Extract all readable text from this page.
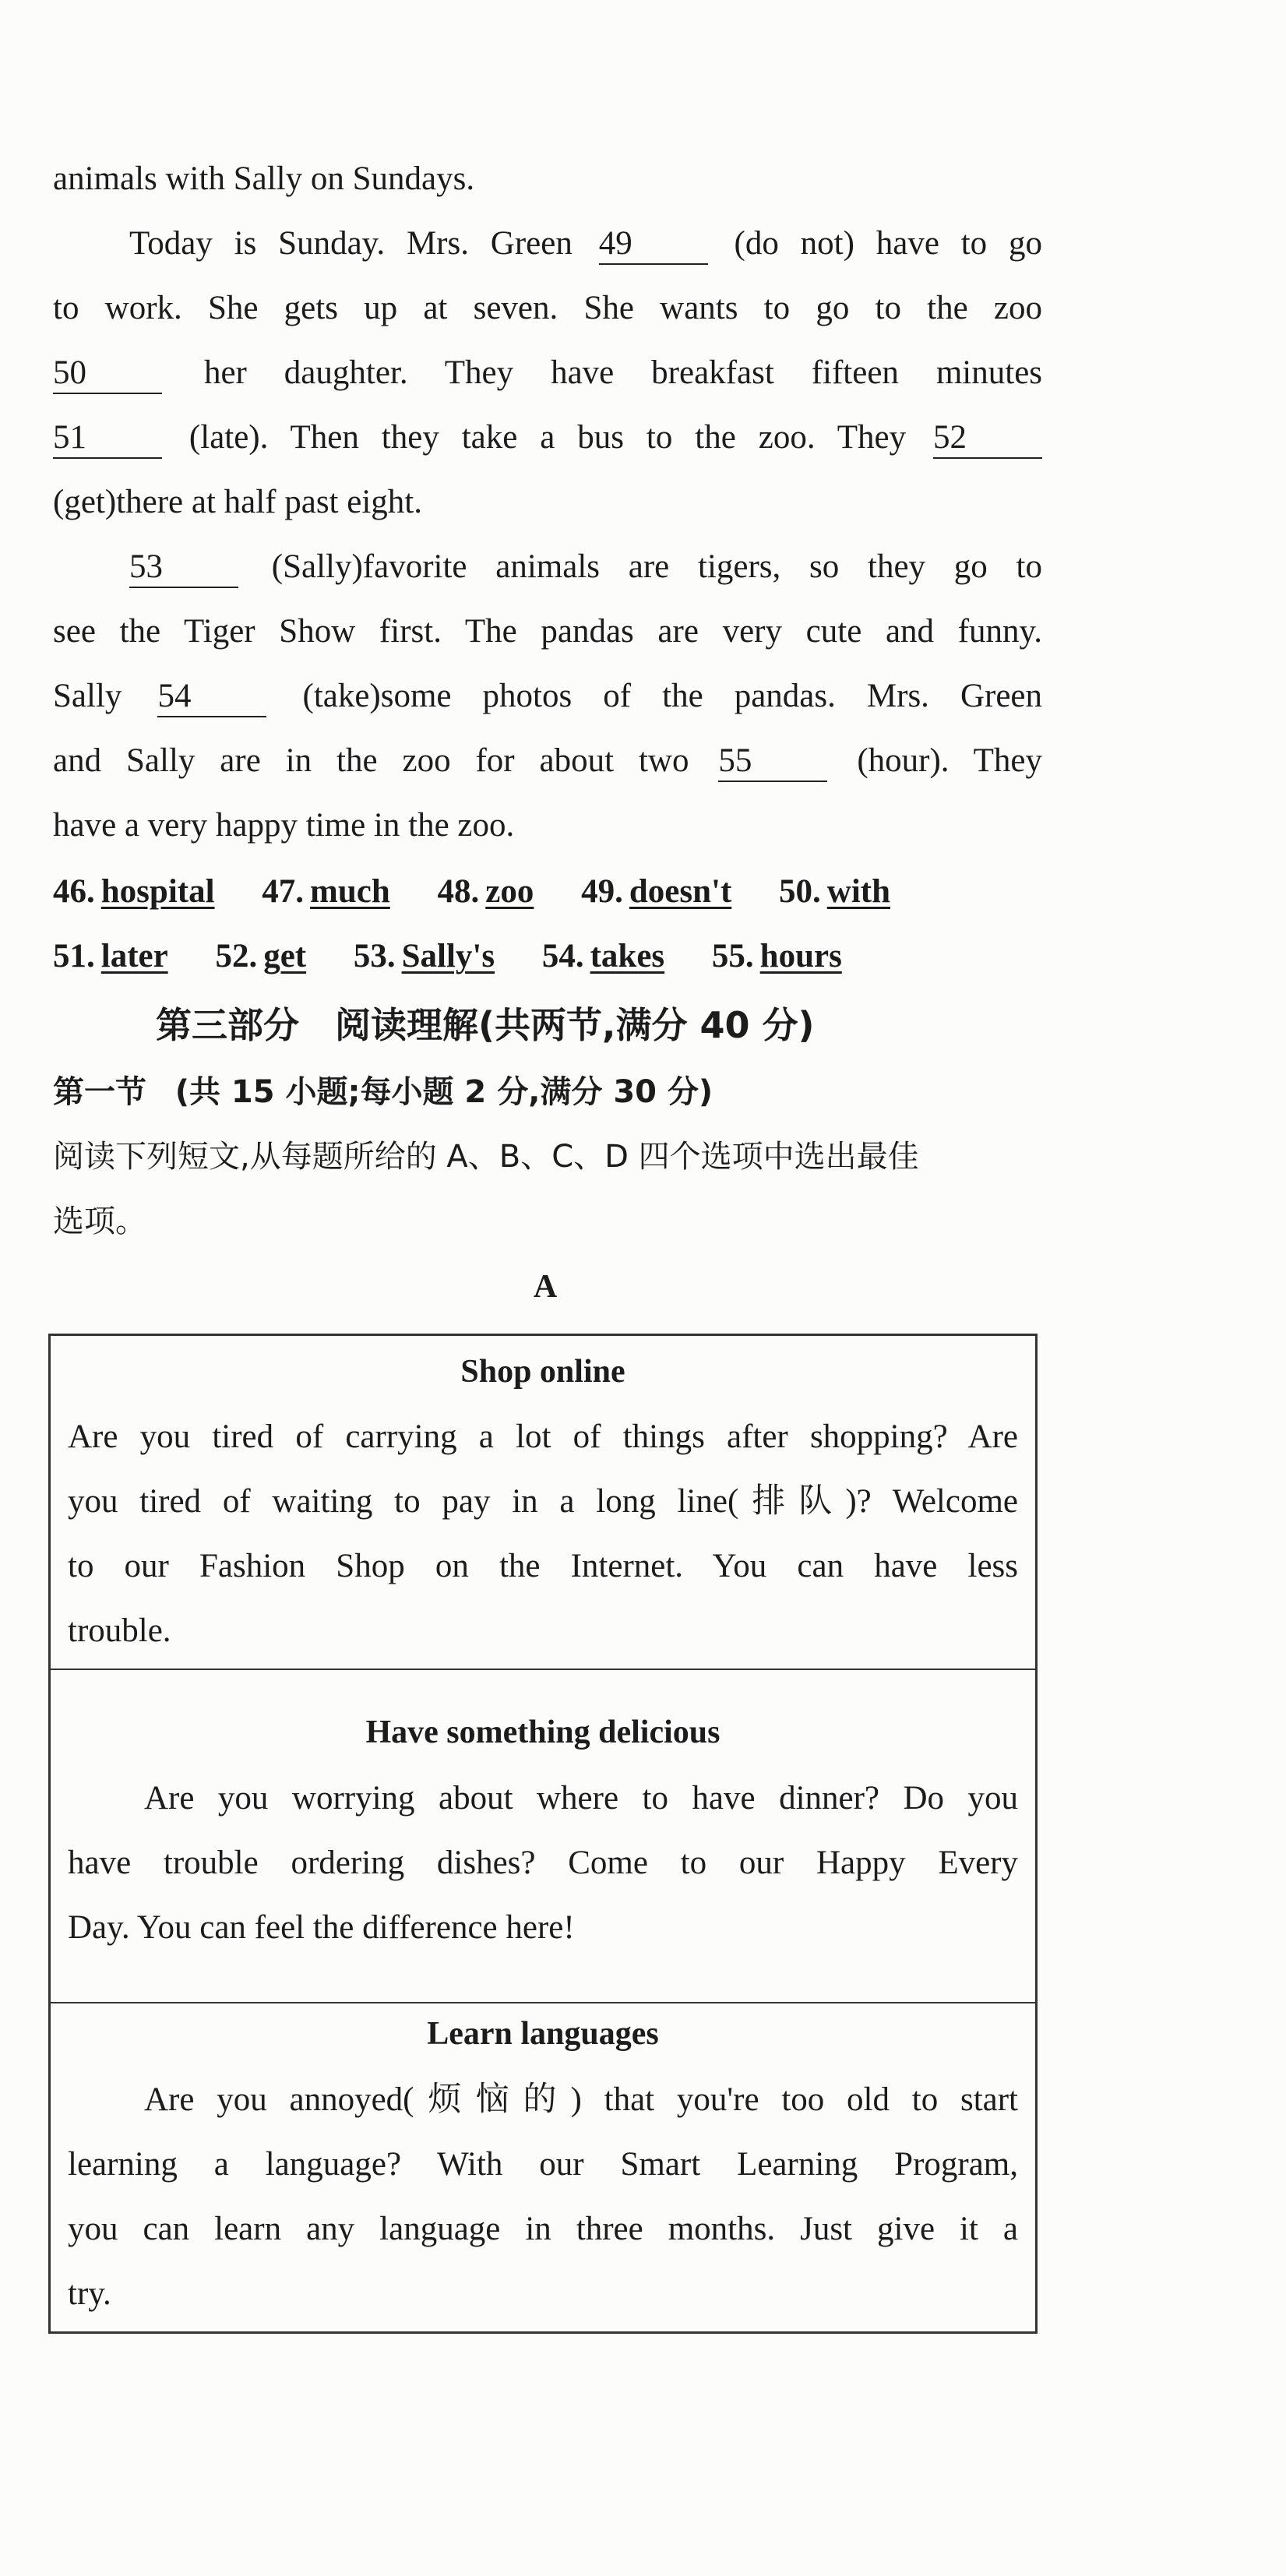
animals with Sally on Sundays.
Today is Sunday. Mrs. Green 49	(do not) have to go
to work. She gets up at seven. She wants to go to the zoo
50	her daughter. They have breakfast fifteen minutes
51	(late). Then they take a bus to the zoo. They 52
(get)there at half past eight.
53	(Sally)favorite animals are tigers, so they go to
see the Tiger Show first. The pandas are very cute and funny.
Sally 54	(take)some photos of the pandas. Mrs. Green
and Sally are in the zoo for about two 55	(hour). They
have a very happy time in the zoo.
46. hospital 47. much 48. zoo 49. doesn't 50. with
51. later 52. get 53. Sally's 54. takes 55. hours
第三部分　阅读理解(共两节,满分 40 分)
第一节 (共 15 小题;每小题 2 分,满分 30 分)
阅读下列短文,从每题所给的 A、B、C、D 四个选项中选出最佳
选项。
A
Shop online
Are you tired of carrying a lot of things after shopping? Are
you tired of waiting to pay in a long line(排队)? Welcome
to our Fashion Shop on the Internet. You can have less
trouble.
Have something delicious
Are you worrying about where to have dinner? Do you
have trouble ordering dishes? Come to our Happy Every
Day. You can feel the difference here!
Learn languages
Are you annoyed(烦恼的) that you're too old to start
learning a language? With our Smart Learning Program,
you can learn any language in three months. Just give it a
try.
